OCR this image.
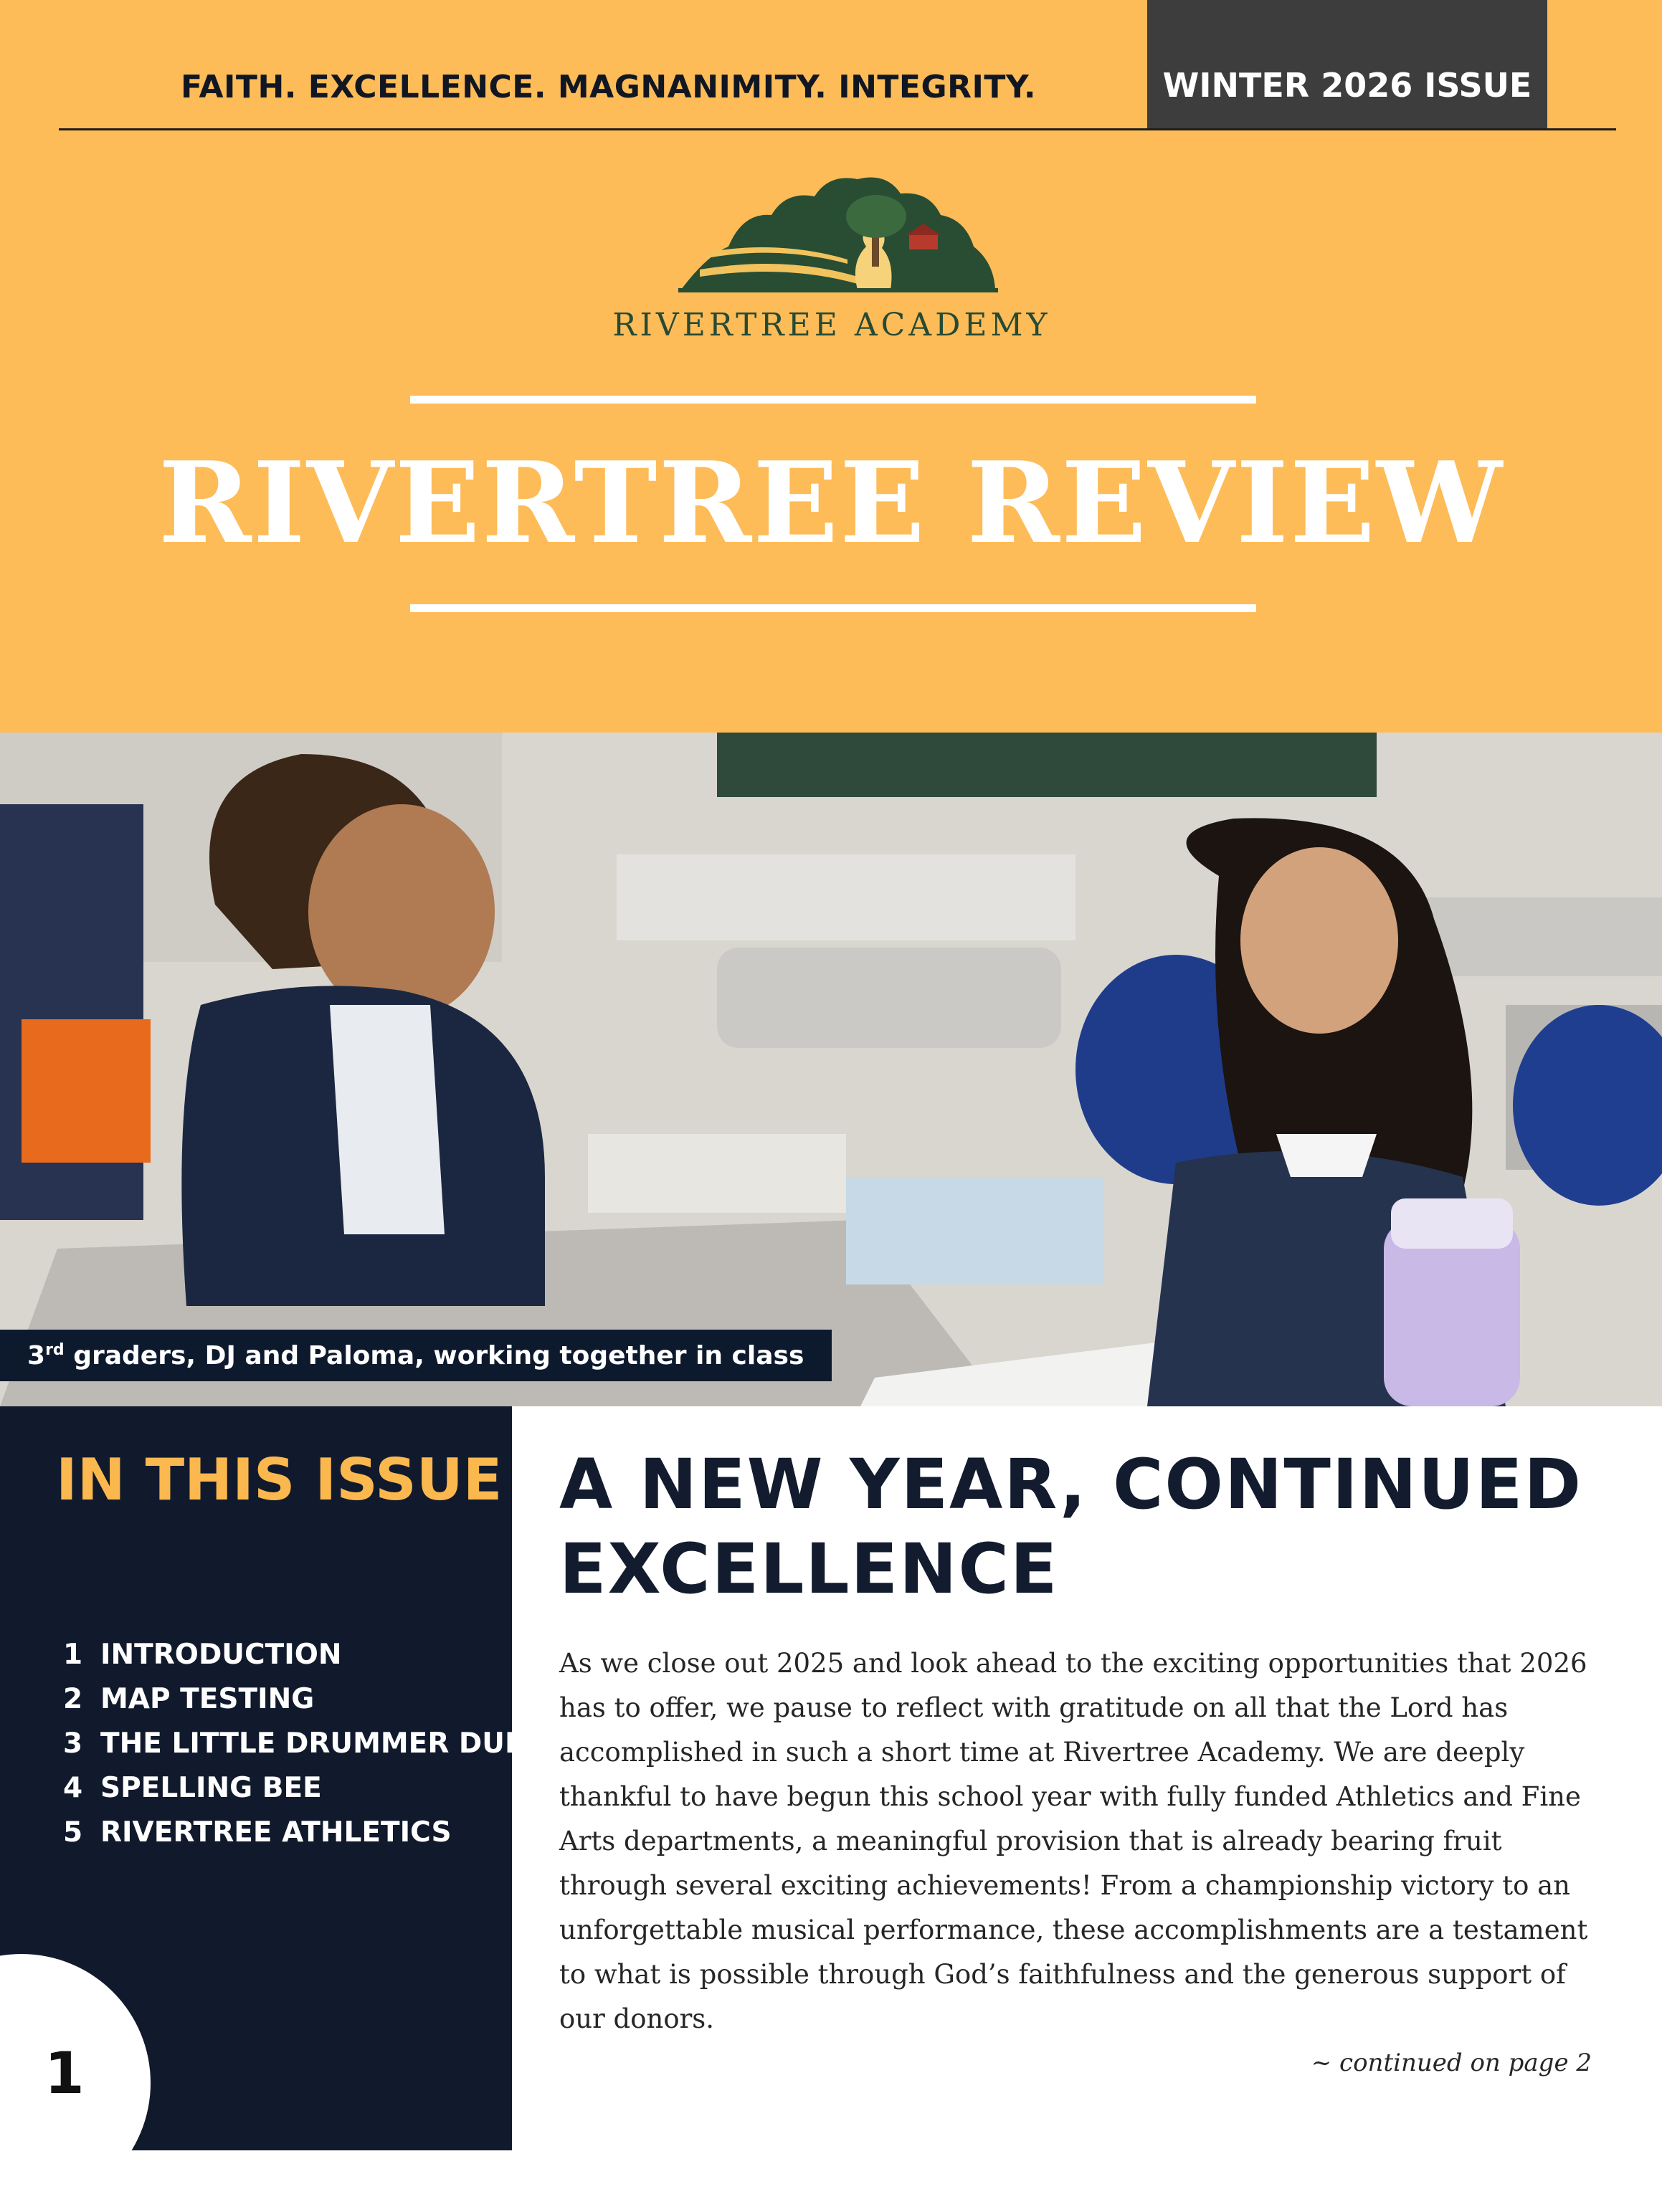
FAITH. EXCELLENCE. MAGNANIMITY. INTEGRITY.	WINTER 2026 ISSUE
RIVERTREE ACADEMY
RIVERTREE REVIEW
3rd graders, DJ and Paloma, working together in class
IN THIS ISSUE
1 INTRODUCTION
2 MAP TESTING
3 THE LITTLE DRUMMER DUDE
4 SPELLING BEE
5 RIVERTREE ATHLETICS
1
A NEW YEAR, CONTINUED
EXCELLENCE
As we close out 2025 and look ahead to the exciting opportunities that 2026
has to offer, we pause to reflect with gratitude on all that the Lord has
accomplished in such a short time at Rivertree Academy. We are deeply
thankful to have begun this school year with fully funded Athletics and Fine
Arts departments, a meaningful provision that is already bearing fruit
through several exciting achievements! From a championship victory to an
unforgettable musical performance, these accomplishments are a testament
to what is possible through God’s faithfulness and the generous support of
our donors.
~ continued on page 2
